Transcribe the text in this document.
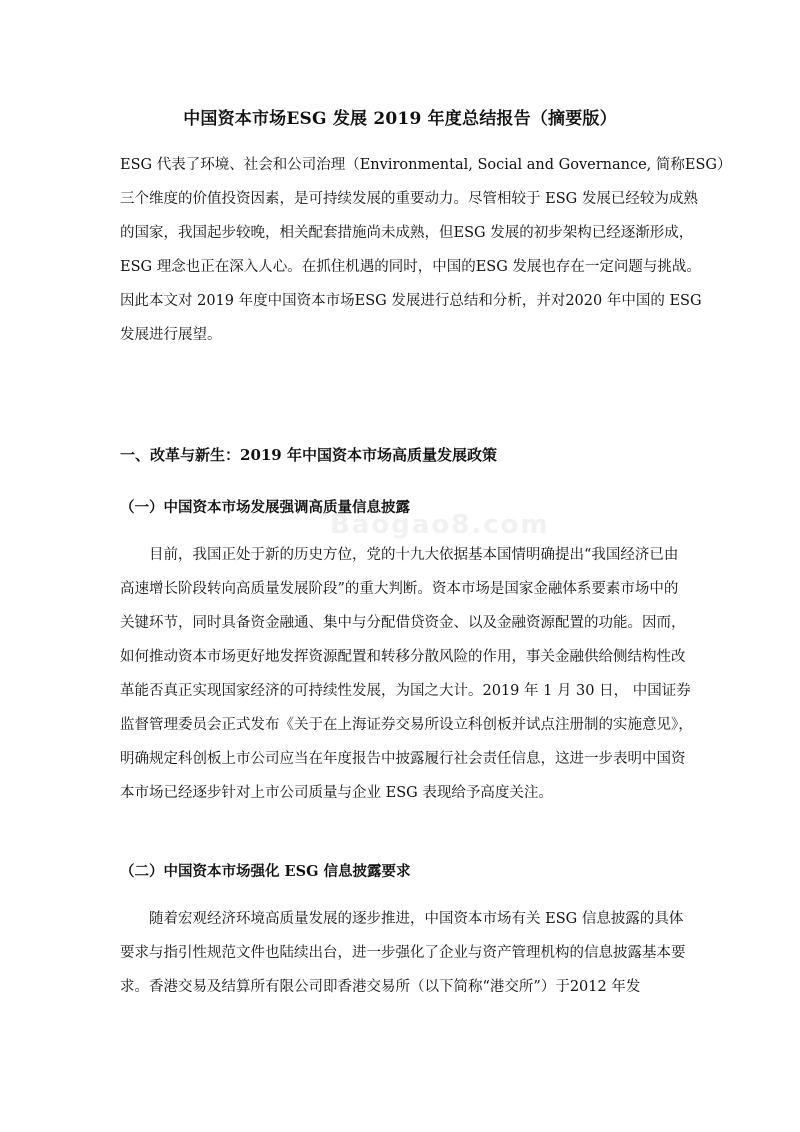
Baogao8.com
中国资本市场ESG 发展 2019 年度总结报告（摘要版）
ESG 代表了环境、社会和公司治理（Environmental, Social and Governance, 简称ESG）
三个维度的价值投资因素，是可持续发展的重要动力。尽管相较于 ESG 发展已经较为成熟
的国家，我国起步较晚，相关配套措施尚未成熟，但ESG 发展的初步架构已经逐渐形成，
ESG 理念也正在深入人心。在抓住机遇的同时，中国的ESG 发展也存在一定问题与挑战。
因此本文对 2019 年度中国资本市场ESG 发展进行总结和分析，并对2020 年中国的 ESG
发展进行展望。
一、改革与新生：2019 年中国资本市场高质量发展政策
（一）中国资本市场发展强调高质量信息披露
目前，我国正处于新的历史方位，党的十九大依据基本国情明确提出“我国经济已由
高速增长阶段转向高质量发展阶段”的重大判断。资本市场是国家金融体系要素市场中的
关键环节，同时具备资金融通、集中与分配借贷资金、以及金融资源配置的功能。因而，
如何推动资本市场更好地发挥资源配置和转移分散风险的作用，事关金融供给侧结构性改
革能否真正实现国家经济的可持续性发展，为国之大计。2019 年 1 月 30 日， 中国证券
监督管理委员会正式发布《关于在上海证券交易所设立科创板并试点注册制的实施意见》，
明确规定科创板上市公司应当在年度报告中披露履行社会责任信息，这进一步表明中国资
本市场已经逐步针对上市公司质量与企业 ESG 表现给予高度关注。
（二）中国资本市场强化 ESG 信息披露要求
随着宏观经济环境高质量发展的逐步推进，中国资本市场有关 ESG 信息披露的具体
要求与指引性规范文件也陆续出台，进一步强化了企业与资产管理机构的信息披露基本要
求。香港交易及结算所有限公司即香港交易所（以下简称“港交所”）于2012 年发
